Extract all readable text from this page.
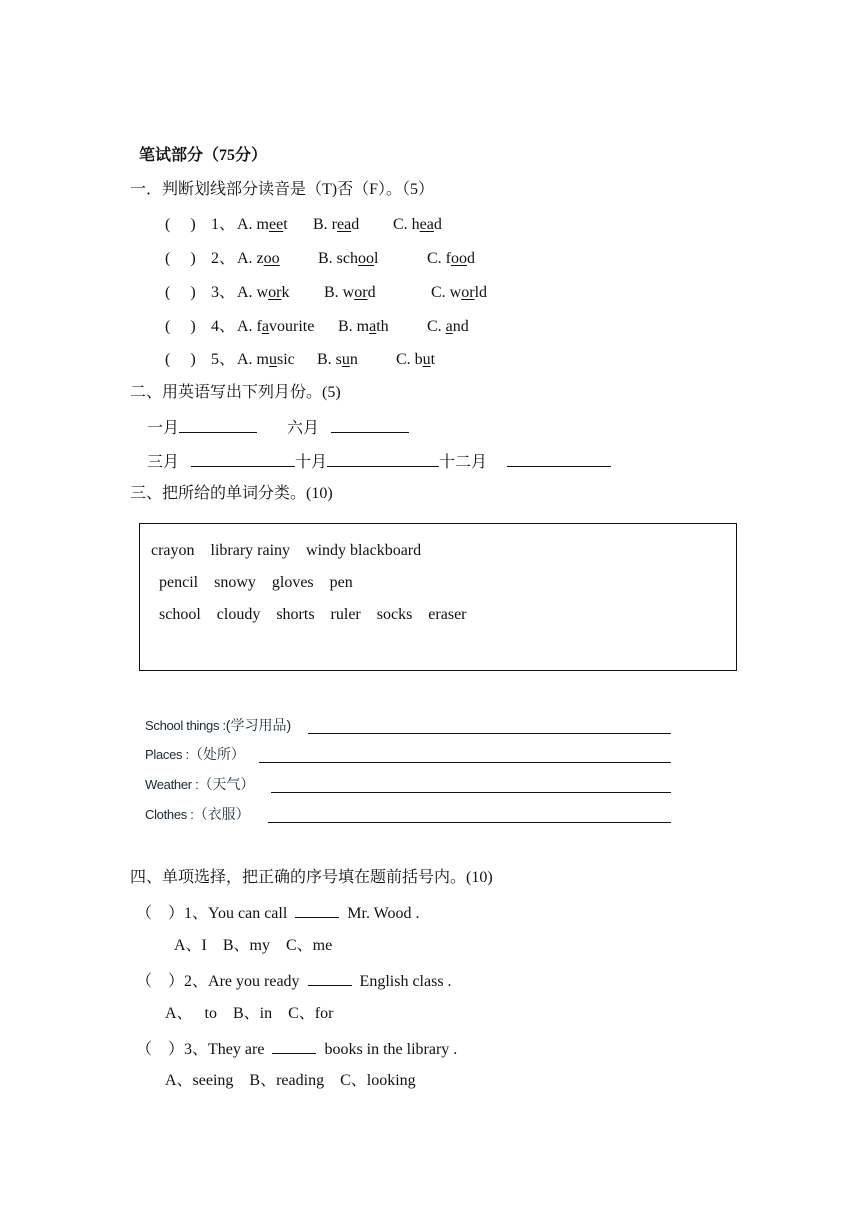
笔试部分（75分）
一．判断划线部分读音是（T)否（F）。（5）
(     ) 1、 A. meet B. read C. head
(     ) 2、 A. zoo B. school	C. food
(     ) 3、 A. work B. word	C. world
(     ) 4、 A. favourite B. math C. and
(     ) 5、 A. music B. sun C. but
二、用英语写出下列月份。(5)
一月	六月
三月	十月	十二月
三、把所给的单词分类。(10)
crayon    library rainy    windy blackboard
pencil    snowy    gloves    pen
school    cloudy    shorts    ruler    socks    eraser
School things :(学习用品)
Places :（处所）
Weather :（天气）
Clothes :（衣服）
四、单项选择，把正确的序号填在题前括号内。(10)
（    ）1、You can call	Mr. Wood .
A、I    B、my    C、me
（    ）2、Are you ready	English class .
A、   to    B、in    C、for
（    ）3、They are	books in the library .
A、seeing    B、reading    C、looking
